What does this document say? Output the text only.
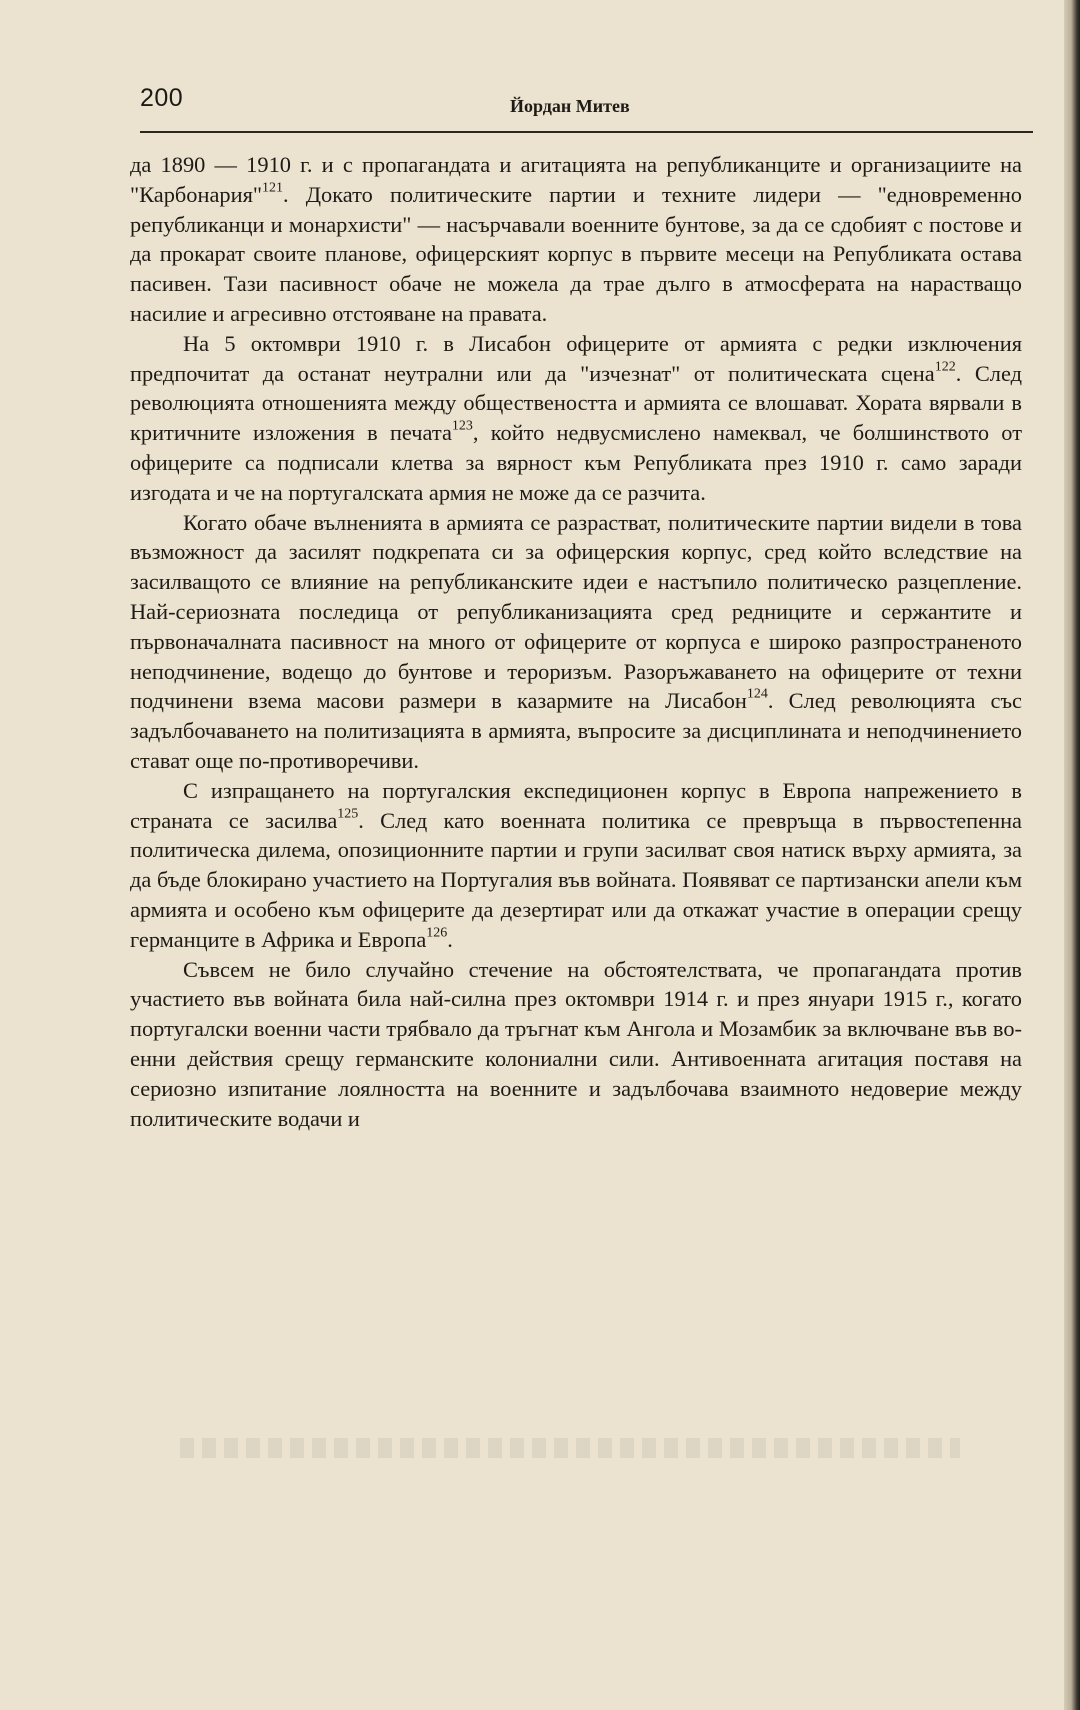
200	Йордан Митев

да 1890 — 1910 г. и с пропагандата и агитацията на републиканците и организациите на "Карбонария"$^{121}$. Докато политическите партии и техните лидери — "едновременно републиканци и монархисти" — насърчавали военните бунтове, за да се сдобият с постове и да прокарат своите планове, офицерският корпус в първите месеци на Републиката остава пасивен. Тази пасивност обаче не можела да трае дълго в атмосферата на нарастващо насилие и агресивно отстояване на правата.

На 5 октомври 1910 г. в Лисабон офицерите от армията с редки изключения предпочитат да останат неутрални или да "изчезнат" от политическата сцена$^{122}$. След революцията отношенията между обществеността и армията се влошават. Хората вярвали в критичните изложения в печата$^{123}$, който недвусмислено намеквал, че болшинството от офицерите са подписали клетва за вярност към Републиката през 1910 г. само заради изгодата и че на португалската армия не може да се разчита.

Когато обаче вълненията в армията се разрастват, политическите партии видели в това възможност да засилят подкрепата си за офицерския корпус, сред който вследствие на засилващото се влияние на републиканските идеи е настъпило политическо разцепление. Най-сериозната последица от републиканизацията сред редниците и сержантите и първоначалната пасивност на много от офицерите от корпуса е широко разпространеното неподчинение, водещо до бунтове и тероризъм. Разоръжаването на офицерите от техни подчинени взема масови размери в казармите на Лисабон$^{124}$. След революцията със задълбочаването на политизацията в армията, въпросите за дисциплината и неподчинението стават още по-противоречиви.

С изпращането на португалския експедиционен корпус в Европа напрежението в страната се засилва$^{125}$. След като военната политика се превръща в първостепенна политическа дилема, опозиционните партии и групи засилват своя натиск върху армията, за да бъде блокирано участието на Португалия във войната. Появяват се партизански апели към армията и особено към офицерите да дезертират или да откажат участие в операции срещу германците в Африка и Европа$^{126}$.

Съвсем не било случайно стечение на обстоятелствата, че пропагандата против участието във войната била най-силна през октомври 1914 г. и през януари 1915 г., когато португалски военни части трябвало да тръгнат към Ангола и Мозамбик за включване във военни действия срещу германските колониални сили. Антивоенната агитация поставя на сериозно изпитание лоялността на военните и задълбочава взаимното недоверие между политическите водачи и
